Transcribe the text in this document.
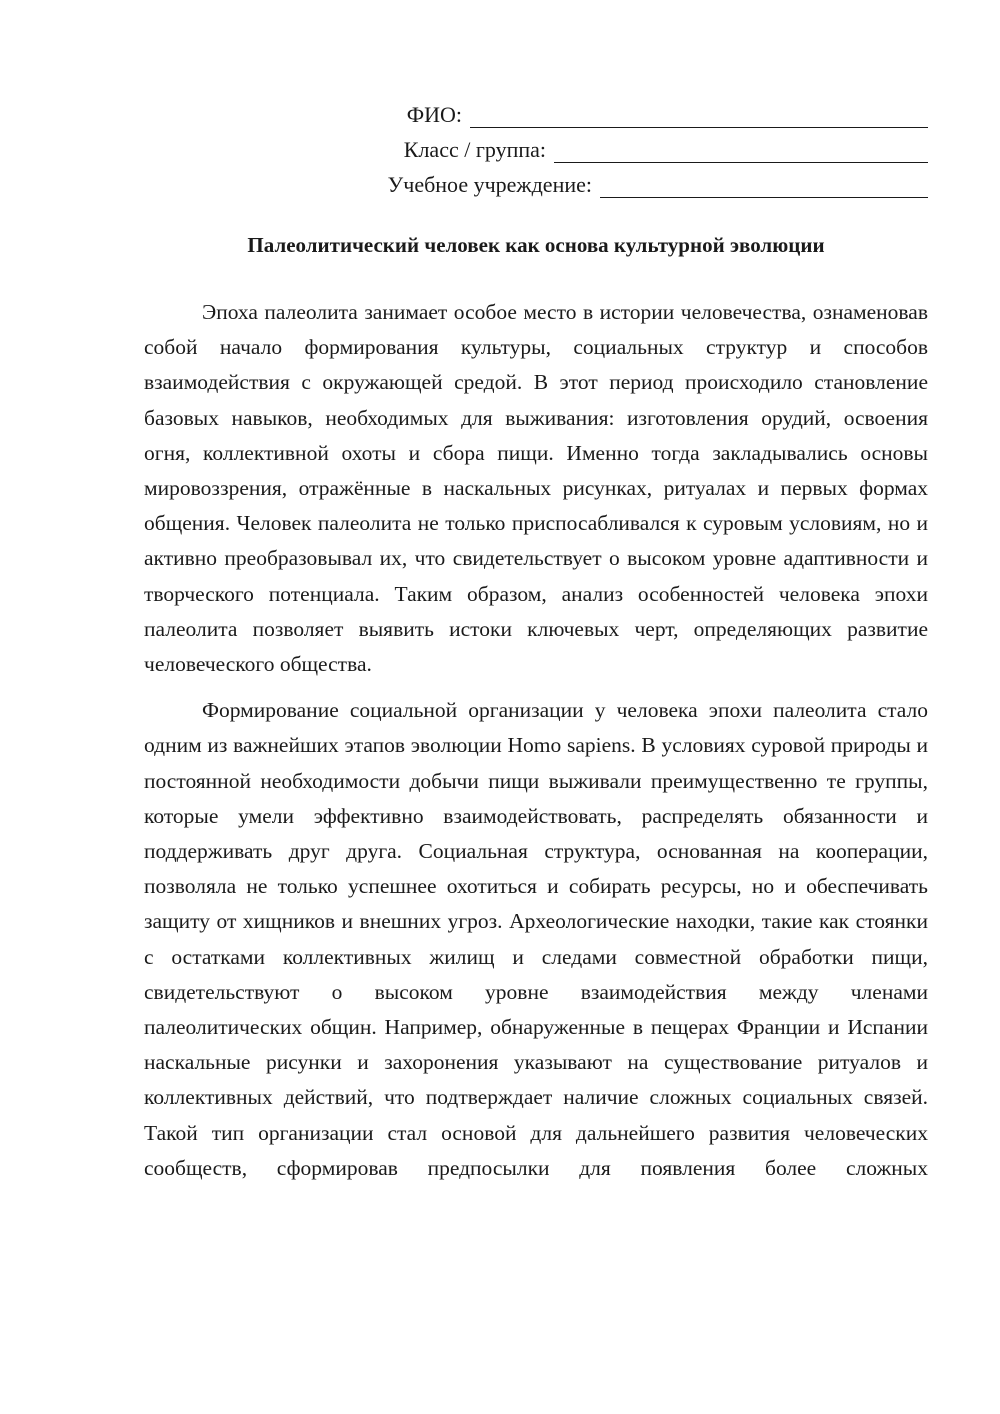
ФИО:
Класс / группа:
Учебное учреждение:
Палеолитический человек как основа культурной эволюции

Эпоха палеолита занимает особое место в истории человечества, ознаменовав собой начало формирования культуры, социальных структур и способов взаимодействия с окружающей средой. В этот период происходило становление базовых навыков, необходимых для выживания: изготовления орудий, освоения огня, коллективной охоты и сбора пищи. Именно тогда закладывались основы мировоззрения, отражённые в наскальных рисунках, ритуалах и первых формах общения. Человек палеолита не только приспосабливался к суровым условиям, но и активно преобразовывал их, что свидетельствует о высоком уровне адаптивности и творческого потенциала. Таким образом, анализ особенностей человека эпохи палеолита позволяет выявить истоки ключевых черт, определяющих развитие человеческого общества.

Формирование социальной организации у человека эпохи палеолита стало одним из важнейших этапов эволюции Homo sapiens. В условиях суровой природы и постоянной необходимости добычи пищи выживали преимущественно те группы, которые умели эффективно взаимодействовать, распределять обязанности и поддерживать друг друга. Социальная структура, основанная на кооперации, позволяла не только успешнее охотиться и собирать ресурсы, но и обеспечивать защиту от хищников и внешних угроз. Археологические находки, такие как стоянки с остатками коллективных жилищ и следами совместной обработки пищи, свидетельствуют о высоком уровне взаимодействия между членами палеолитических общин. Например, обнаруженные в пещерах Франции и Испании наскальные рисунки и захоронения указывают на существование ритуалов и коллективных действий, что подтверждает наличие сложных социальных связей. Такой тип организации стал основой для дальнейшего развития человеческих сообществ, сформировав предпосылки для появления более сложных
